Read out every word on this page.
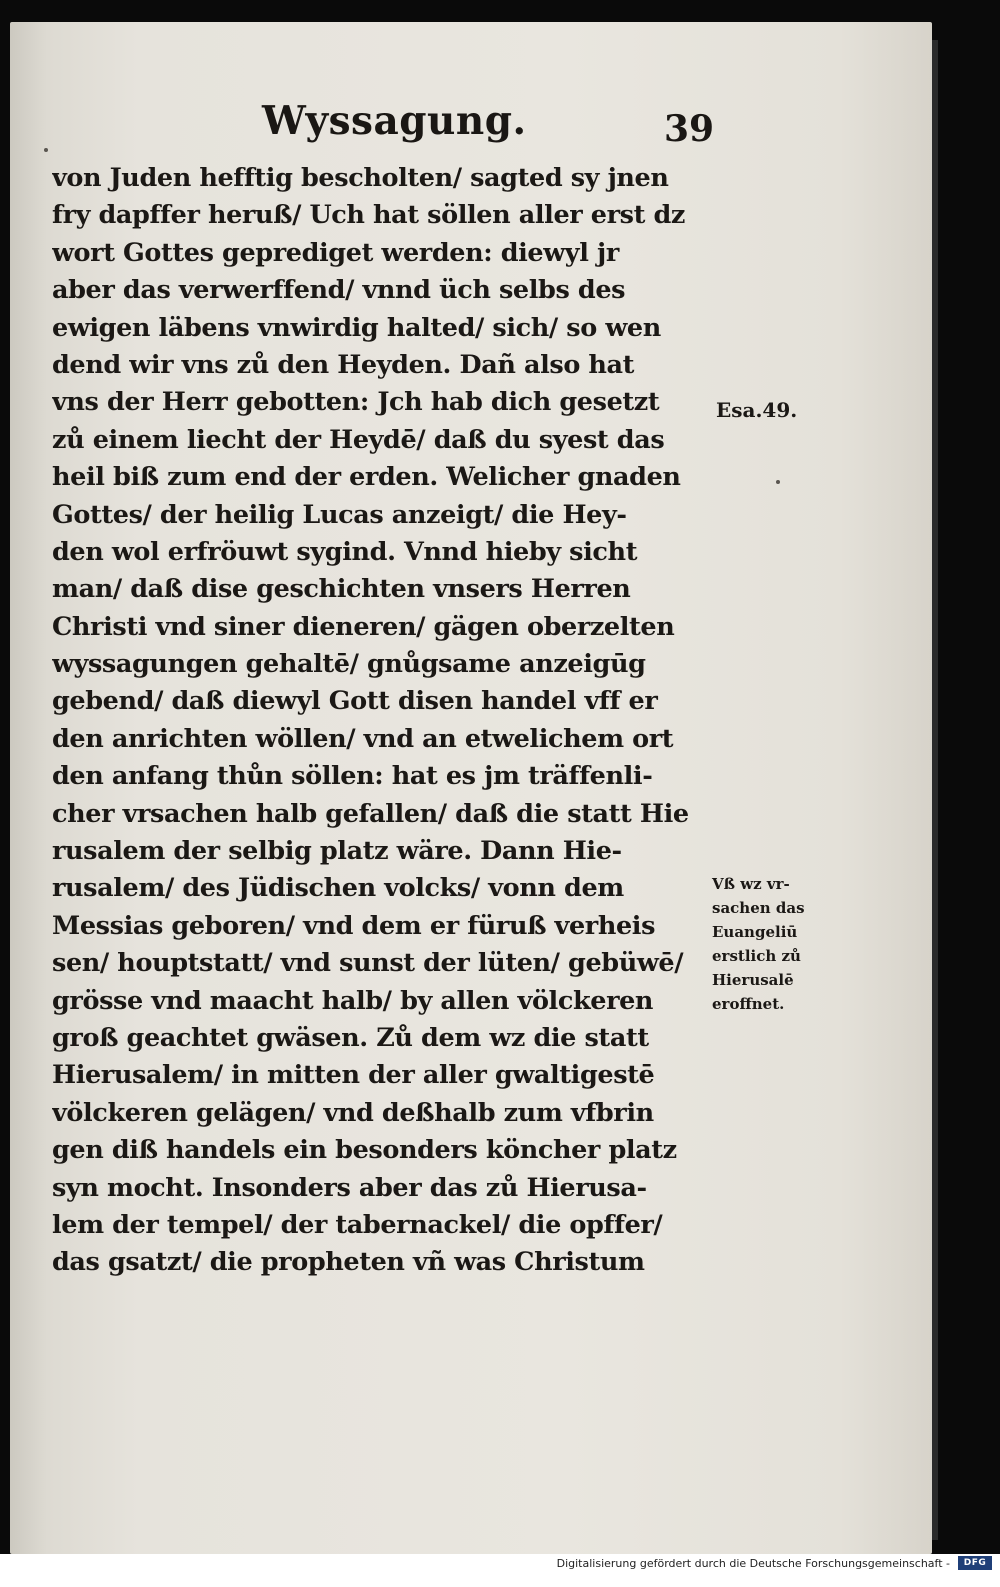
Wyssagung.	39
von Juden hefftig bescholten/ sagted sy jnen
fry dapffer heruß/ Uch hat söllen aller erst dz
wort Gottes geprediget werden: diewyl jr
aber das verwerffend/ vnnd üch selbs des
ewigen läbens vnwirdig halted/ sich/ so wen
dend wir vns zů den Heyden. Dañ also hat
vns der Herr gebotten: Jch hab dich gesetzt
zů einem liecht der Heydē/ daß du syest das
heil biß zum end der erden. Welicher gnaden
Gottes/ der heilig Lucas anzeigt/ die Hey-
den wol erfröuwt sygind. Vnnd hieby sicht
man/ daß dise geschichten vnsers Herren
Christi vnd siner dieneren/ gägen oberzelten
wyssagungen gehaltē/ gnůgsame anzeigūg
gebend/ daß diewyl Gott disen handel vff er
den anrichten wöllen/ vnd an etwelichem ort
den anfang thůn söllen: hat es jm träffenli-
cher vrsachen halb gefallen/ daß die statt Hie
rusalem der selbig platz wäre. Dann Hie-
rusalem/ des Jüdischen volcks/ vonn dem
Messias geboren/ vnd dem er füruß verheis
sen/ houptstatt/ vnd sunst der lüten/ gebüwē/
grösse vnd maacht halb/ by allen völckeren
groß geachtet gwäsen. Zů dem wz die statt
Hierusalem/ in mitten der aller gwaltigestē
völckeren gelägen/ vnd deßhalb zum vfbrin
gen diß handels ein besonders köncher platz
syn mocht. Insonders aber das zů Hierusa-
lem der tempel/ der tabernackel/ die opffer/
das gsatzt/ die propheten vñ was Christum
Esa.49.
Vß wz vr-
sachen das
Euangeliū
erstlich zů
Hierusalē
eroffnet.
Digitalisierung gefördert durch die Deutsche Forschungsgemeinschaft -	DFG
